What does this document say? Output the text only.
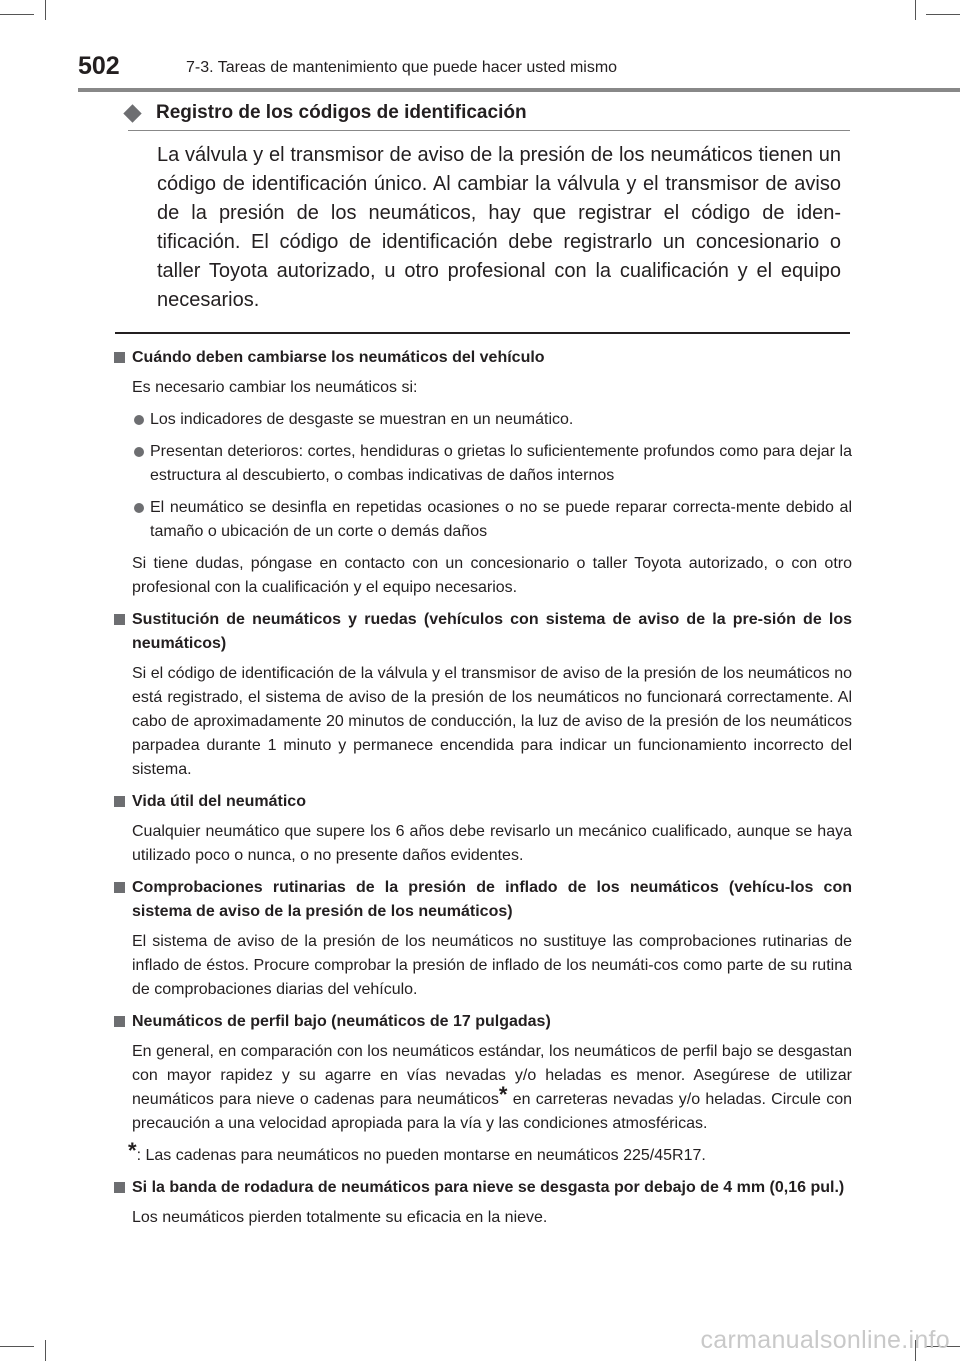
502	7-3. Tareas de mantenimiento que puede hacer usted mismo
Registro de los códigos de identificación
La válvula y el transmisor de aviso de la presión de los neumáticos tienen un código de identificación único. Al cambiar la válvula y el transmisor de aviso de la presión de los neumáticos, hay que registrar el código de iden-tificación. El código de identificación debe registrarlo un concesionario o taller Toyota autorizado, u otro profesional con la cualificación y el equipo necesarios.
Cuándo deben cambiarse los neumáticos del vehículo
Es necesario cambiar los neumáticos si:
Los indicadores de desgaste se muestran en un neumático.
Presentan deterioros: cortes, hendiduras o grietas lo suficientemente profundos como para dejar la estructura al descubierto, o combas indicativas de daños internos
El neumático se desinfla en repetidas ocasiones o no se puede reparar correcta-mente debido al tamaño o ubicación de un corte o demás daños
Si tiene dudas, póngase en contacto con un concesionario o taller Toyota autorizado, o con otro profesional con la cualificación y el equipo necesarios.
Sustitución de neumáticos y ruedas (vehículos con sistema de aviso de la pre-sión de los neumáticos)
Si el código de identificación de la válvula y el transmisor de aviso de la presión de los neumáticos no está registrado, el sistema de aviso de la presión de los neumáticos no funcionará correctamente. Al cabo de aproximadamente 20 minutos de conducción, la luz de aviso de la presión de los neumáticos parpadea durante 1 minuto y permanece encendida para indicar un funcionamiento incorrecto del sistema.
Vida útil del neumático
Cualquier neumático que supere los 6 años debe revisarlo un mecánico cualificado, aunque se haya utilizado poco o nunca, o no presente daños evidentes.
Comprobaciones rutinarias de la presión de inflado de los neumáticos (vehícu-los con sistema de aviso de la presión de los neumáticos)
El sistema de aviso de la presión de los neumáticos no sustituye las comprobaciones rutinarias de inflado de éstos. Procure comprobar la presión de inflado de los neumáti-cos como parte de su rutina de comprobaciones diarias del vehículo.
Neumáticos de perfil bajo (neumáticos de 17 pulgadas)
En general, en comparación con los neumáticos estándar, los neumáticos de perfil bajo se desgastan con mayor rapidez y su agarre en vías nevadas y/o heladas es menor. Asegúrese de utilizar neumáticos para nieve o cadenas para neumáticos* en carreteras nevadas y/o heladas. Circule con precaución a una velocidad apropiada para la vía y las condiciones atmosféricas.
*: Las cadenas para neumáticos no pueden montarse en neumáticos 225/45R17.
Si la banda de rodadura de neumáticos para nieve se desgasta por debajo de 4 mm (0,16 pul.)
Los neumáticos pierden totalmente su eficacia en la nieve.
carmanualsonline.info
